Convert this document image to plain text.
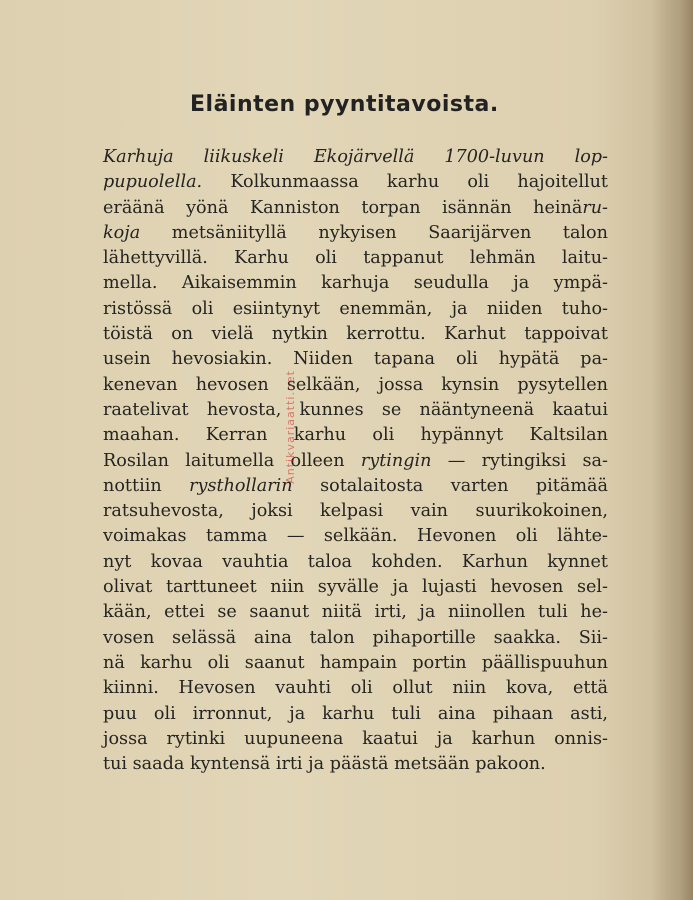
Eläinten pyyntitavoista.
Karhuja liikuskeli Ekojärvellä 1700-luvun lop-
pupuolella. Kolkunmaassa karhu oli hajoitellut
eräänä yönä Kanniston torpan isännän heinäru-
koja metsäniityllä nykyisen Saarijärven talon
lähettyvillä. Karhu oli tappanut lehmän laitu-
mella. Aikaisemmin karhuja seudulla ja ympä-
ristössä oli esiintynyt enemmän, ja niiden tuho-
töistä on vielä nytkin kerrottu. Karhut tappoivat
usein hevosiakin. Niiden tapana oli hypätä pa-
kenevan hevosen selkään, jossa kynsin pysytellen
raatelivat hevosta, kunnes se nääntyneenä kaatui
maahan. Kerran karhu oli hypännyt Kaltsilan
Rosilan laitumella olleen rytingin — rytingiksi sa-
nottiin rysthollarin sotalaitosta varten pitämää
ratsuhevosta, joksi kelpasi vain suurikokoinen,
voimakas tamma — selkään. Hevonen oli lähte-
nyt kovaa vauhtia taloa kohden. Karhun kynnet
olivat tarttuneet niin syvälle ja lujasti hevosen sel-
kään, ettei se saanut niitä irti, ja niinollen tuli he-
vosen selässä aina talon pihaportille saakka. Sii-
nä karhu oli saanut hampain portin päällispuuhun
kiinni. Hevosen vauhti oli ollut niin kova, että
puu oli irronnut, ja karhu tuli aina pihaan asti,
jossa rytinki uupuneena kaatui ja karhun onnis-
tui saada kyntensä irti ja päästä metsään pakoon.
Antikvariaatti.net
